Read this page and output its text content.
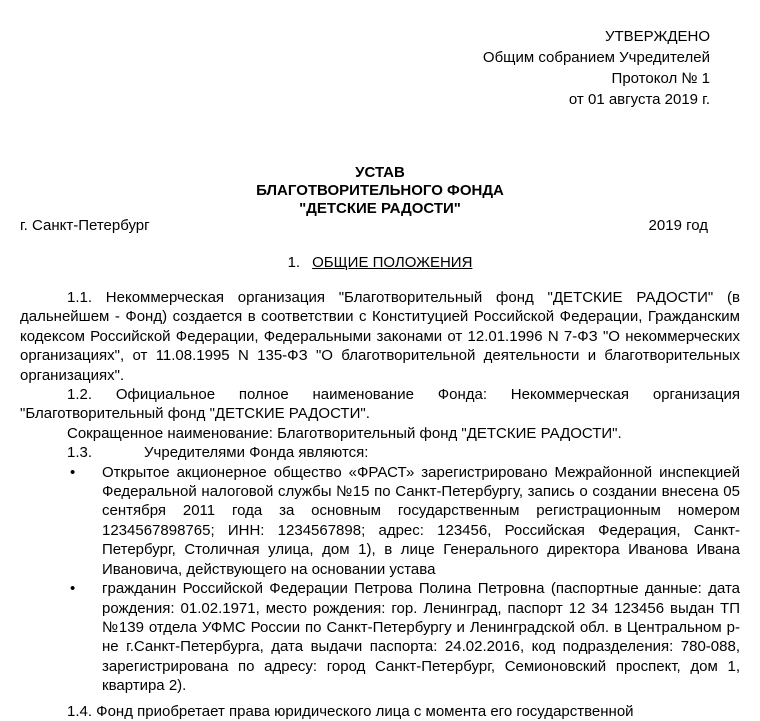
УТВЕРЖДЕНО
Общим собранием Учредителей
Протокол № 1
от 01 августа 2019 г.
УСТАВ
БЛАГОТВОРИТЕЛЬНОГО ФОНДА
"ДЕТСКИЕ РАДОСТИ"
г. Санкт-Петербург	2019 год
1. ОБЩИЕ ПОЛОЖЕНИЯ

1.1. Некоммерческая организация "Благотворительный фонд "ДЕТСКИЕ РАДОСТИ" (в дальнейшем - Фонд) создается в соответствии с Конституцией Российской Федерации, Гражданским кодексом Российской Федерации, Федеральными законами от 12.01.1996 N 7-ФЗ "О некоммерческих организациях", от 11.08.1995 N 135-ФЗ "О благотворительной деятельности и благотворительных организациях".

1.2. Официальное полное наименование Фонда: Некоммерческая организация "Благотворительный фонд "ДЕТСКИЕ РАДОСТИ".

Сокращенное наименование: Благотворительный фонд "ДЕТСКИЕ РАДОСТИ".

1.3.	Учредителями Фонда являются:

• Открытое акционерное общество «ФРАСТ» зарегистрировано Межрайонной инспекцией Федеральной налоговой службы №15 по Санкт-Петербургу, запись о создании внесена 05 сентября 2011 года за основным государственным регистрационным номером 1234567898765; ИНН: 1234567898; адрес: 123456, Российская Федерация, Санкт-Петербург, Столичная улица, дом 1), в лице Генерального директора Иванова Ивана Ивановича, действующего на основании устава
• гражданин Российской Федерации Петрова Полина Петровна (паспортные данные: дата рождения: 01.02.1971, место рождения: гор. Ленинград, паспорт 12 34 123456 выдан ТП №139 отдела УФМС России по Санкт-Петербургу и Ленинградской обл. в Центральном р-не г.Санкт-Петербурга, дата выдачи паспорта: 24.02.2016, код подразделения: 780-088, зарегистрирована по адресу: город Санкт-Петербург, Семионовский проспект, дом 1, квартира 2).
1.4. Фонд приобретает права юридического лица с момента его государственной
